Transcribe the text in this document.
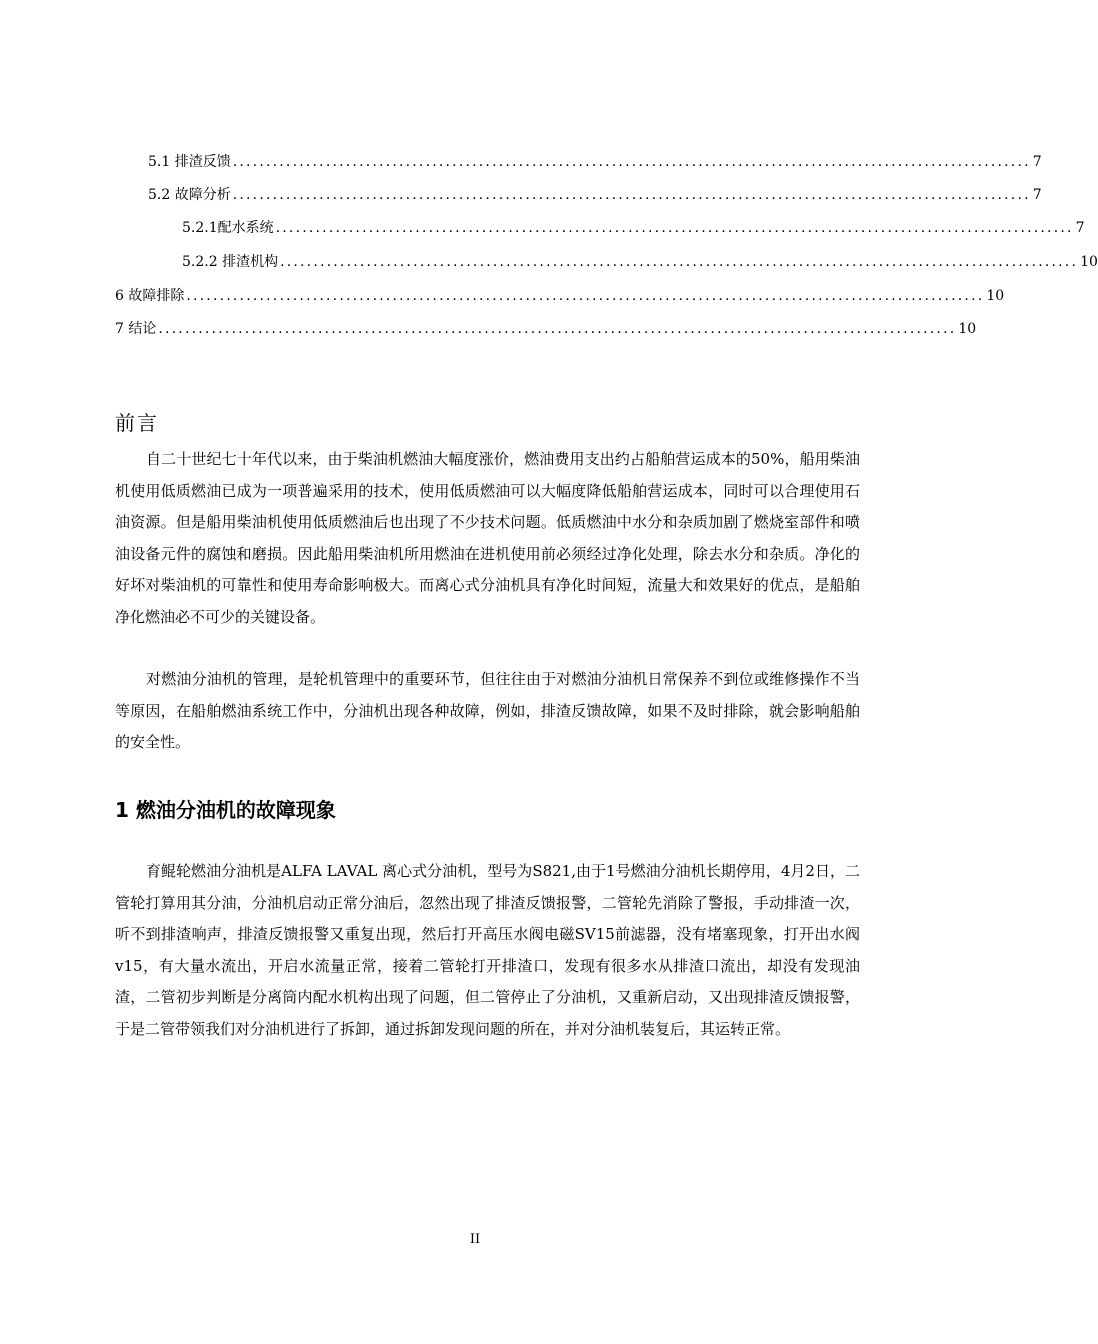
5.1 排渣反馈 ........................................................................................................................ 7
5.2 故障分析 ........................................................................................................................ 7
5.2.1配水系统 ........................................................................................................................ 7
5.2.2 排渣机构 ........................................................................................................................ 10
6 故障排除 ........................................................................................................................ 10
7 结论 ........................................................................................................................ 10
前言

自二十世纪七十年代以来，由于柴油机燃油大幅度涨价，燃油费用支出约占船舶营运成本的50%，船用柴油机使用低质燃油已成为一项普遍采用的技术，使用低质燃油可以大幅度降低船舶营运成本，同时可以合理使用石油资源。但是船用柴油机使用低质燃油后也出现了不少技术问题。低质燃油中水分和杂质加剧了燃烧室部件和喷油设备元件的腐蚀和磨损。因此船用柴油机所用燃油在进机使用前必须经过净化处理，除去水分和杂质。净化的好坏对柴油机的可靠性和使用寿命影响极大。而离心式分油机具有净化时间短，流量大和效果好的优点，是船舶净化燃油必不可少的关键设备。

对燃油分油机的管理，是轮机管理中的重要环节，但往往由于对燃油分油机日常保养不到位或维修操作不当等原因，在船舶燃油系统工作中，分油机出现各种故障，例如，排渣反馈故障，如果不及时排除，就会影响船舶的安全性。

1 燃油分油机的故障现象

育鲲轮燃油分油机是ALFA LAVAL 离心式分油机，型号为S821,由于1号燃油分油机长期停用，4月2日，二管轮打算用其分油，分油机启动正常分油后，忽然出现了排渣反馈报警，二管轮先消除了警报，手动排渣一次，听不到排渣响声，排渣反馈报警又重复出现，然后打开高压水阀电磁SV15前滤器，没有堵塞现象，打开出水阀v15，有大量水流出，开启水流量正常，接着二管轮打开排渣口，发现有很多水从排渣口流出，却没有发现油渣，二管初步判断是分离筒内配水机构出现了问题，但二管停止了分油机，又重新启动，又出现排渣反馈报警，于是二管带领我们对分油机进行了拆卸，通过拆卸发现问题的所在，并对分油机装复后，其运转正常。

II
